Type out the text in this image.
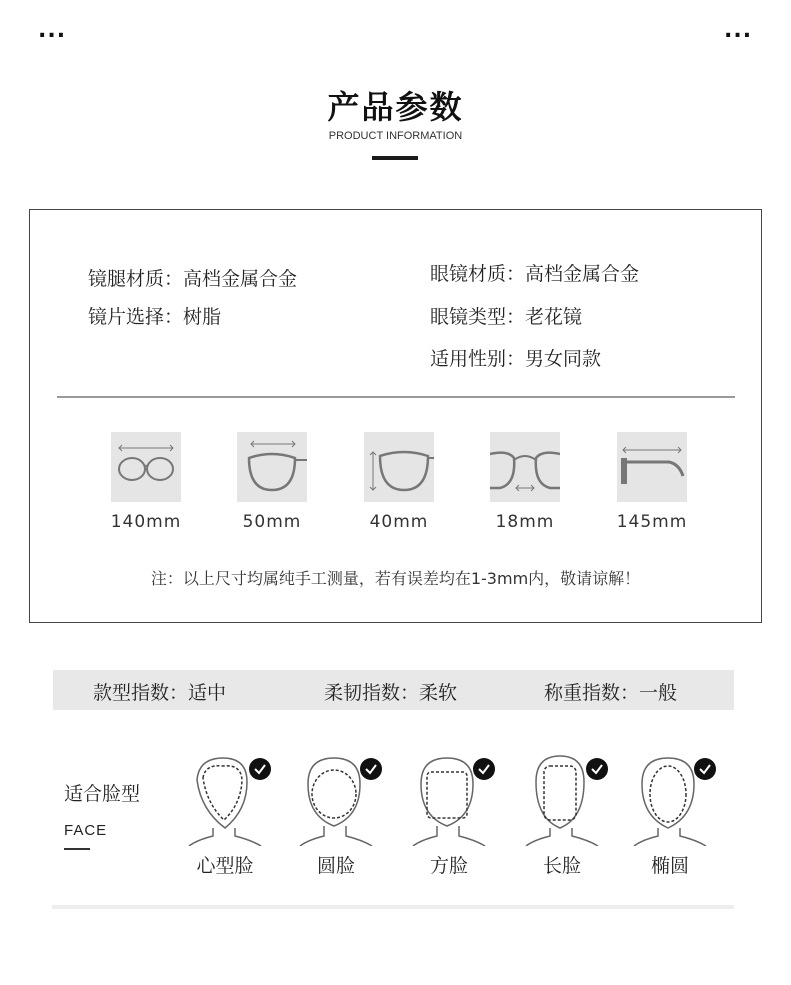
...	...
产品参数
PRODUCT INFORMATION
镜腿材质：高档金属合金
镜片选择：树脂
眼镜材质：高档金属合金
眼镜类型：老花镜
适用性别：男女同款
140mm	50mm	40mm	18mm	145mm
注：以上尺寸均属纯手工测量，若有误差均在1-3mm内，敬请谅解！
款型指数：适中	柔韧指数：柔软	称重指数：一般
适合脸型
FACE
心型脸	圆脸	方脸	长脸	椭圆
